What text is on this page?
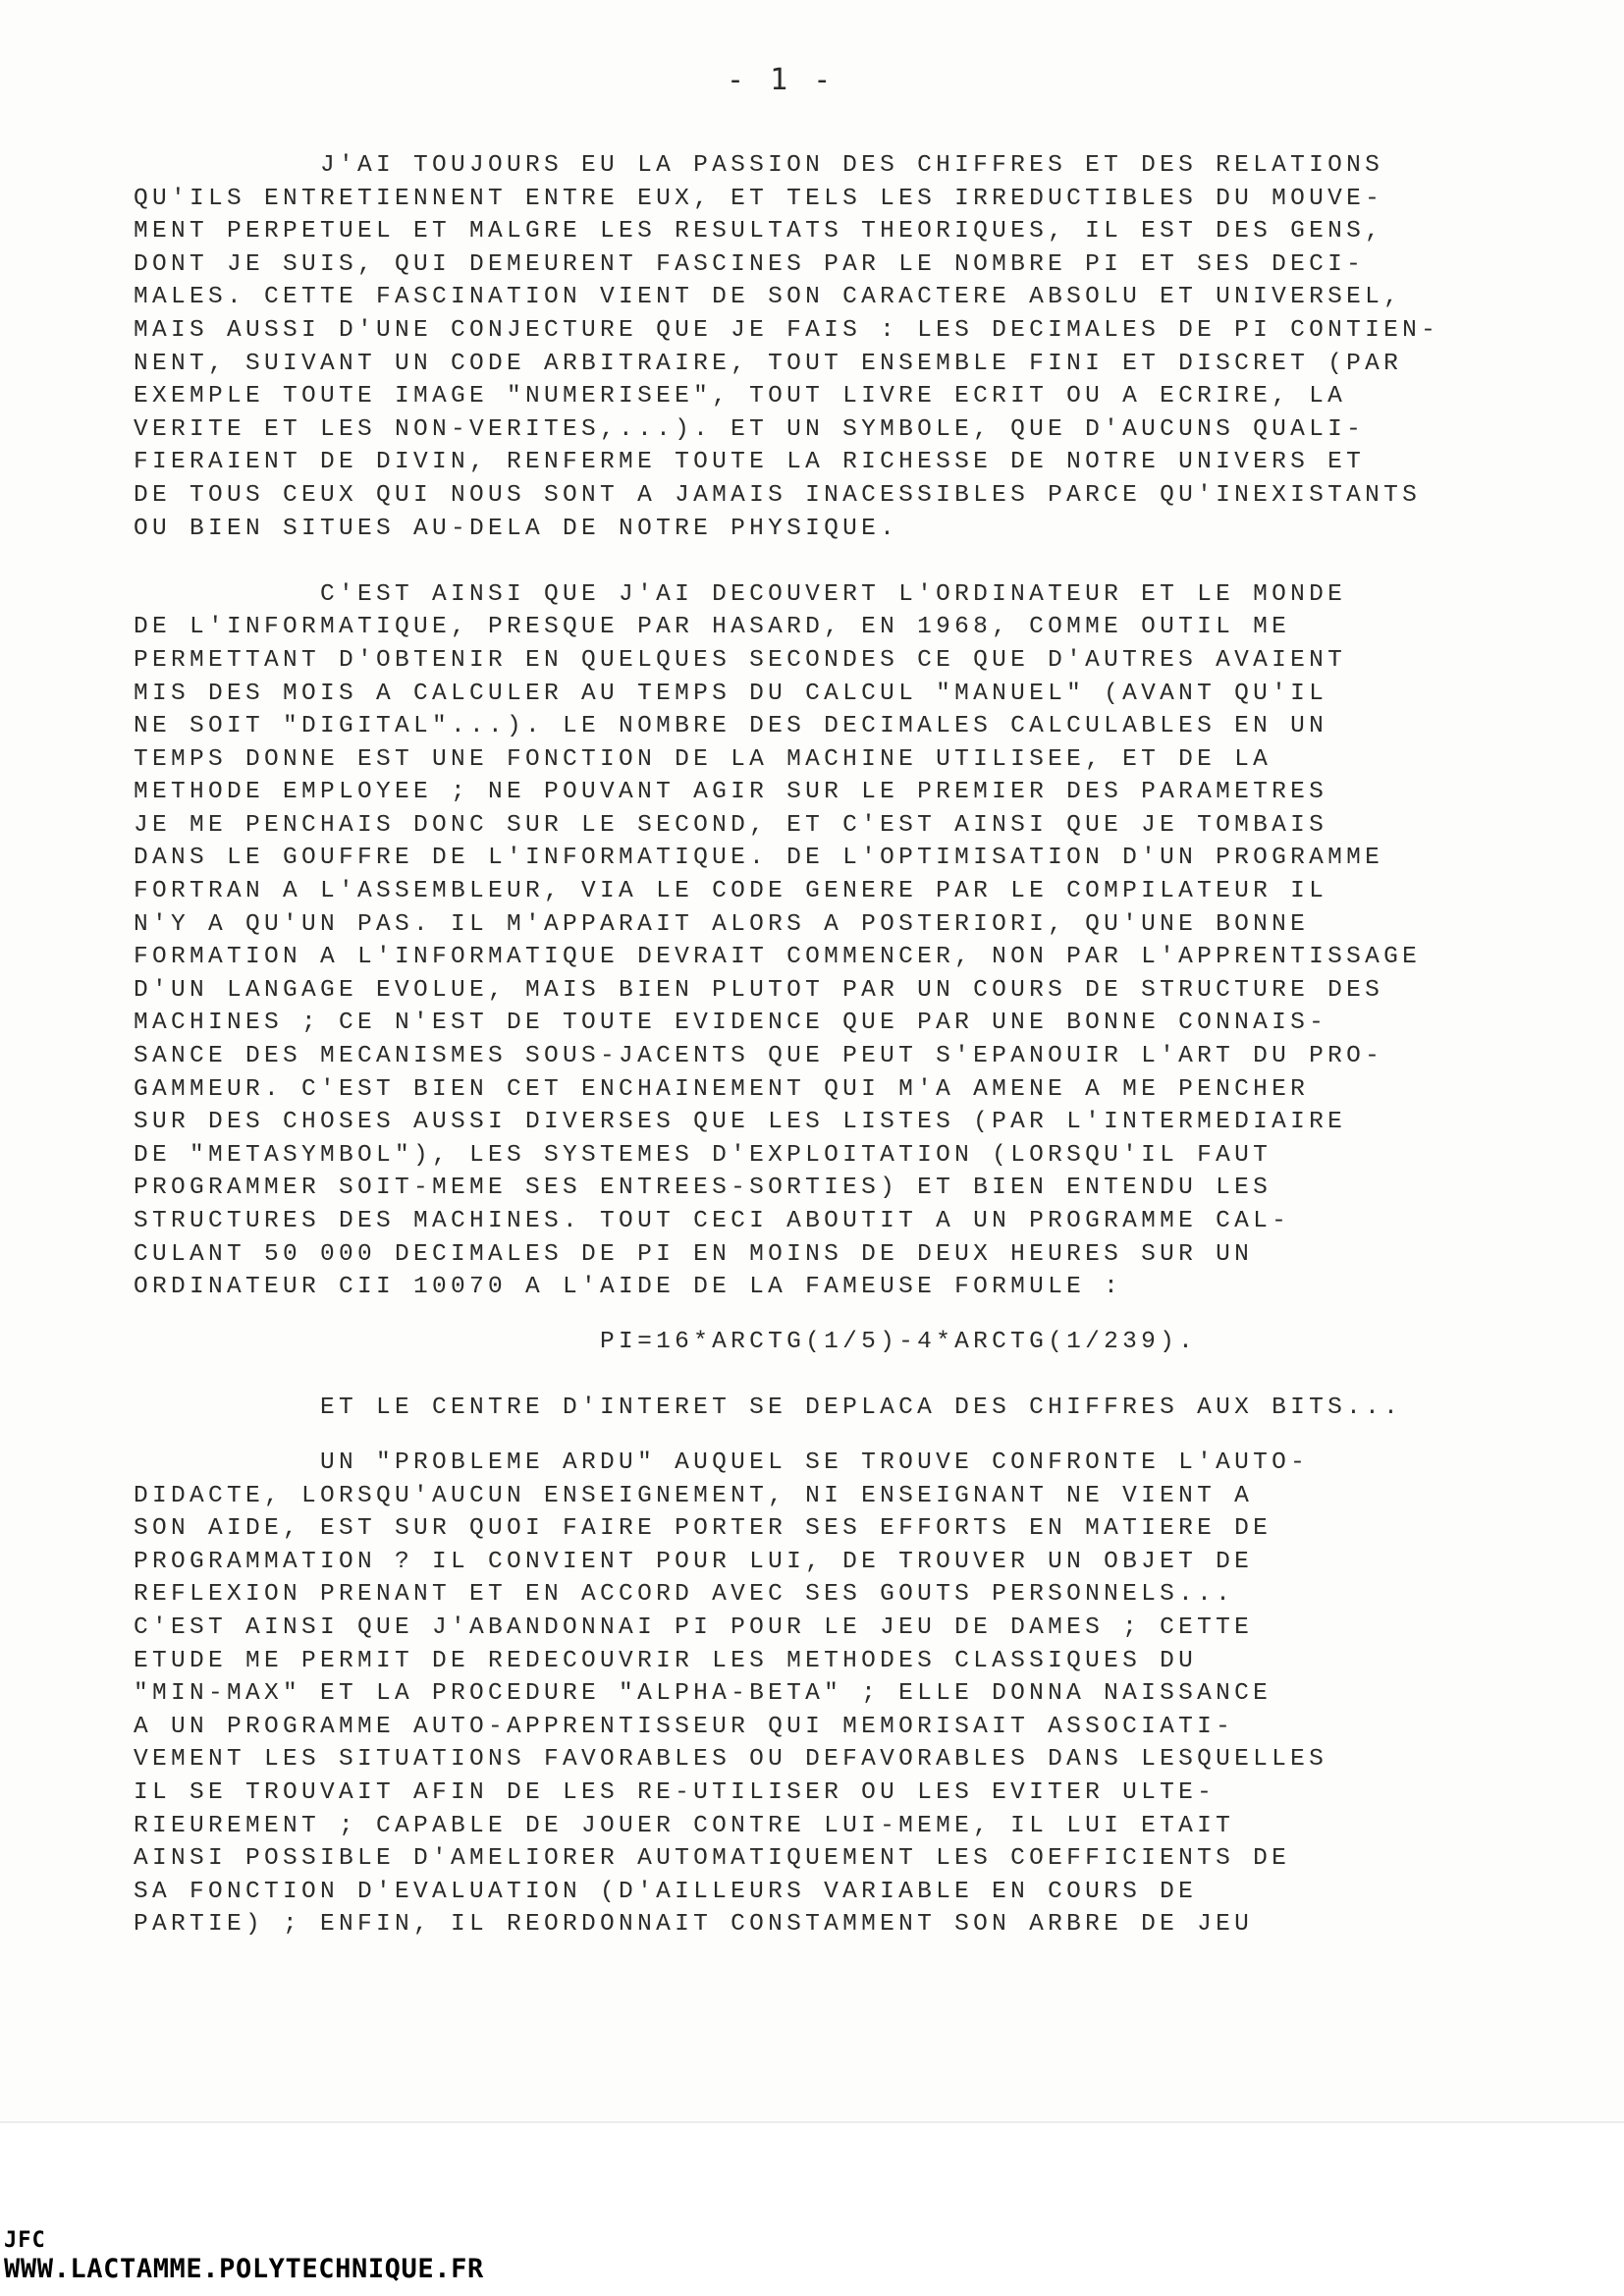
- 1 -
J'AI TOUJOURS EU LA PASSION DES CHIFFRES ET DES RELATIONS
QU'ILS ENTRETIENNENT ENTRE EUX, ET TELS LES IRREDUCTIBLES DU MOUVE-
MENT PERPETUEL ET MALGRE LES RESULTATS THEORIQUES, IL EST DES GENS,
DONT JE SUIS, QUI DEMEURENT FASCINES PAR LE NOMBRE PI ET SES DECI-
MALES. CETTE FASCINATION VIENT DE SON CARACTERE ABSOLU ET UNIVERSEL,
MAIS AUSSI D'UNE CONJECTURE QUE JE FAIS : LES DECIMALES DE PI CONTIEN-
NENT, SUIVANT UN CODE ARBITRAIRE, TOUT ENSEMBLE FINI ET DISCRET (PAR
EXEMPLE TOUTE IMAGE "NUMERISEE", TOUT LIVRE ECRIT OU A ECRIRE, LA
VERITE ET LES NON-VERITES,...). ET UN SYMBOLE, QUE D'AUCUNS QUALI-
FIERAIENT DE DIVIN, RENFERME TOUTE LA RICHESSE DE NOTRE UNIVERS ET
DE TOUS CEUX QUI NOUS SONT A JAMAIS INACESSIBLES PARCE QU'INEXISTANTS
OU BIEN SITUES AU-DELA DE NOTRE PHYSIQUE.
C'EST AINSI QUE J'AI DECOUVERT L'ORDINATEUR ET LE MONDE
DE L'INFORMATIQUE, PRESQUE PAR HASARD, EN 1968, COMME OUTIL ME
PERMETTANT D'OBTENIR EN QUELQUES SECONDES CE QUE D'AUTRES AVAIENT
MIS DES MOIS A CALCULER AU TEMPS DU CALCUL "MANUEL" (AVANT QU'IL
NE SOIT "DIGITAL"...). LE NOMBRE DES DECIMALES CALCULABLES EN UN
TEMPS DONNE EST UNE FONCTION DE LA MACHINE UTILISEE, ET DE LA
METHODE EMPLOYEE ; NE POUVANT AGIR SUR LE PREMIER DES PARAMETRES
JE ME PENCHAIS DONC SUR LE SECOND, ET C'EST AINSI QUE JE TOMBAIS
DANS LE GOUFFRE DE L'INFORMATIQUE. DE L'OPTIMISATION D'UN PROGRAMME
FORTRAN A L'ASSEMBLEUR, VIA LE CODE GENERE PAR LE COMPILATEUR IL
N'Y A QU'UN PAS. IL M'APPARAIT ALORS A POSTERIORI, QU'UNE BONNE
FORMATION A L'INFORMATIQUE DEVRAIT COMMENCER, NON PAR L'APPRENTISSAGE
D'UN LANGAGE EVOLUE, MAIS BIEN PLUTOT PAR UN COURS DE STRUCTURE DES
MACHINES ; CE N'EST DE TOUTE EVIDENCE QUE PAR UNE BONNE CONNAIS-
SANCE DES MECANISMES SOUS-JACENTS QUE PEUT S'EPANOUIR L'ART DU PRO-
GAMMEUR. C'EST BIEN CET ENCHAINEMENT QUI M'A AMENE A ME PENCHER
SUR DES CHOSES AUSSI DIVERSES QUE LES LISTES (PAR L'INTERMEDIAIRE
DE "METASYMBOL"), LES SYSTEMES D'EXPLOITATION (LORSQU'IL FAUT
PROGRAMMER SOIT-MEME SES ENTREES-SORTIES) ET BIEN ENTENDU LES
STRUCTURES DES MACHINES. TOUT CECI ABOUTIT A UN PROGRAMME CAL-
CULANT 50 000 DECIMALES DE PI EN MOINS DE DEUX HEURES SUR UN
ORDINATEUR CII 10070 A L'AIDE DE LA FAMEUSE FORMULE :
PI=16*ARCTG(1/5)-4*ARCTG(1/239).
ET LE CENTRE D'INTERET SE DEPLACA DES CHIFFRES AUX BITS...
UN "PROBLEME ARDU" AUQUEL SE TROUVE CONFRONTE L'AUTO-
DIDACTE, LORSQU'AUCUN ENSEIGNEMENT, NI ENSEIGNANT NE VIENT A
SON AIDE, EST SUR QUOI FAIRE PORTER SES EFFORTS EN MATIERE DE
PROGRAMMATION ? IL CONVIENT POUR LUI, DE TROUVER UN OBJET DE
REFLEXION PRENANT ET EN ACCORD AVEC SES GOUTS PERSONNELS...
C'EST AINSI QUE J'ABANDONNAI PI POUR LE JEU DE DAMES ; CETTE
ETUDE ME PERMIT DE REDECOUVRIR LES METHODES CLASSIQUES DU
"MIN-MAX" ET LA PROCEDURE "ALPHA-BETA" ; ELLE DONNA NAISSANCE
A UN PROGRAMME AUTO-APPRENTISSEUR QUI MEMORISAIT ASSOCIATI-
VEMENT LES SITUATIONS FAVORABLES OU DEFAVORABLES DANS LESQUELLES
IL SE TROUVAIT AFIN DE LES RE-UTILISER OU LES EVITER ULTE-
RIEUREMENT ; CAPABLE DE JOUER CONTRE LUI-MEME, IL LUI ETAIT
AINSI POSSIBLE D'AMELIORER AUTOMATIQUEMENT LES COEFFICIENTS DE
SA FONCTION D'EVALUATION (D'AILLEURS VARIABLE EN COURS DE
PARTIE) ; ENFIN, IL REORDONNAIT CONSTAMMENT SON ARBRE DE JEU
JFC
WWW.LACTAMME.POLYTECHNIQUE.FR
